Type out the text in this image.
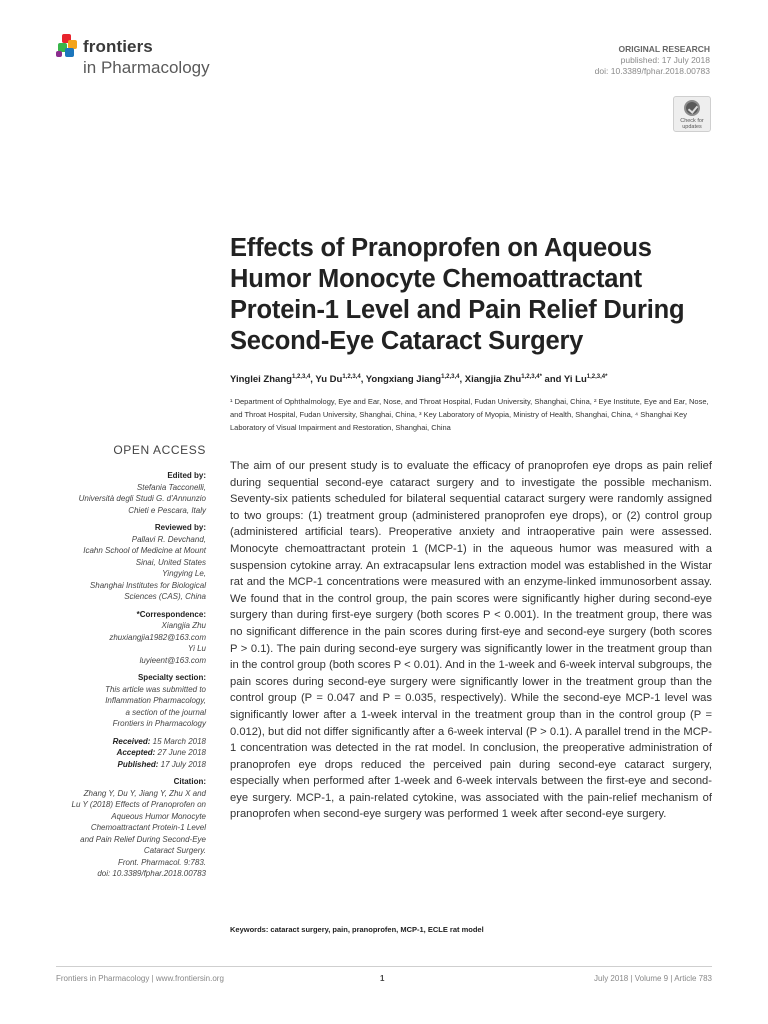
frontiers
in Pharmacology
ORIGINAL RESEARCH
published: 17 July 2018
doi: 10.3389/fphar.2018.00783
Check for updates
Effects of Pranoprofen on Aqueous Humor Monocyte Chemoattractant Protein-1 Level and Pain Relief During Second-Eye Cataract Surgery
Yinglei Zhang$^{1,2,3,4}$, Yu Du$^{1,2,3,4}$, Yongxiang Jiang$^{1,2,3,4}$, Xiangjia Zhu$^{1,2,3,4*}$ and Yi $Lu^{1,2,3,4*}$
¹ Department of Ophthalmology, Eye and Ear, Nose, and Throat Hospital, Fudan University, Shanghai, China, ² Eye Institute, Eye and Ear, Nose, and Throat Hospital, Fudan University, Shanghai, China, ³ Key Laboratory of Myopia, Ministry of Health, Shanghai, China, ⁴ Shanghai Key Laboratory of Visual Impairment and Restoration, Shanghai, China
OPEN ACCESS
Edited by:
Stefania Tacconelli,
Università degli Studi G. d'Annunzio
Chieti e Pescara, Italy
Reviewed by:
Pallavi R. Devchand,
Icahn School of Medicine at Mount
Sinai, United States
Yingying Le,
Shanghai Institutes for Biological
Sciences (CAS), China
*Correspondence:
Xiangjia Zhu
zhuxiangjia1982@163.com
Yi Lu
luyieent@163.com
Specialty section:
This article was submitted to
Inflammation Pharmacology,
a section of the journal
Frontiers in Pharmacology
Received: 15 March 2018
Accepted: 27 June 2018
Published: 17 July 2018
Citation:
Zhang Y, Du Y, Jiang Y, Zhu X and
Lu Y (2018) Effects of Pranoprofen on
Aqueous Humor Monocyte
Chemoattractant Protein-1 Level
and Pain Relief During Second-Eye
Cataract Surgery.
Front. Pharmacol. 9:783.
doi: 10.3389/fphar.2018.00783
The aim of our present study is to evaluate the efficacy of pranoprofen eye drops as pain relief during sequential second-eye cataract surgery and to investigate the possible mechanism. Seventy-six patients scheduled for bilateral sequential cataract surgery were randomly assigned to two groups: (1) treatment group (administered pranoprofen eye drops), or (2) control group (administered artificial tears). Preoperative anxiety and intraoperative pain were assessed. Monocyte chemoattractant protein 1 (MCP-1) in the aqueous humor was measured with a suspension cytokine array. An extracapsular lens extraction model was established in the Wistar rat and the MCP-1 concentrations were measured with an enzyme-linked immunosorbent assay. We found that in the control group, the pain scores were significantly higher during second-eye surgery than during first-eye surgery (both scores P < 0.001). In the treatment group, there was no significant difference in the pain scores during first-eye and second-eye surgery (both scores P > 0.1). The pain during second-eye surgery was significantly lower in the treatment group than in the control group (both scores P < 0.01). And in the 1-week and 6-week interval subgroups, the pain scores during second-eye surgery were significantly lower in the treatment group than the control group (P = 0.047 and P = 0.035, respectively). While the second-eye MCP-1 level was significantly lower after a 1-week interval in the treatment group than in the control group (P = 0.012), but did not differ significantly after a 6-week interval (P > 0.1). A parallel trend in the MCP-1 concentration was detected in the rat model. In conclusion, the preoperative administration of pranoprofen eye drops reduced the perceived pain during second-eye cataract surgery, especially when performed after 1-week and 6-week intervals between the first-eye and second-eye surgery. MCP-1, a pain-related cytokine, was associated with the pain-relief mechanism of pranoprofen when second-eye surgery was performed 1 week after second-eye surgery.
Keywords: cataract surgery, pain, pranoprofen, MCP-1, ECLE rat model
Frontiers in Pharmacology | www.frontiersin.org	1	July 2018 | Volume 9 | Article 783
